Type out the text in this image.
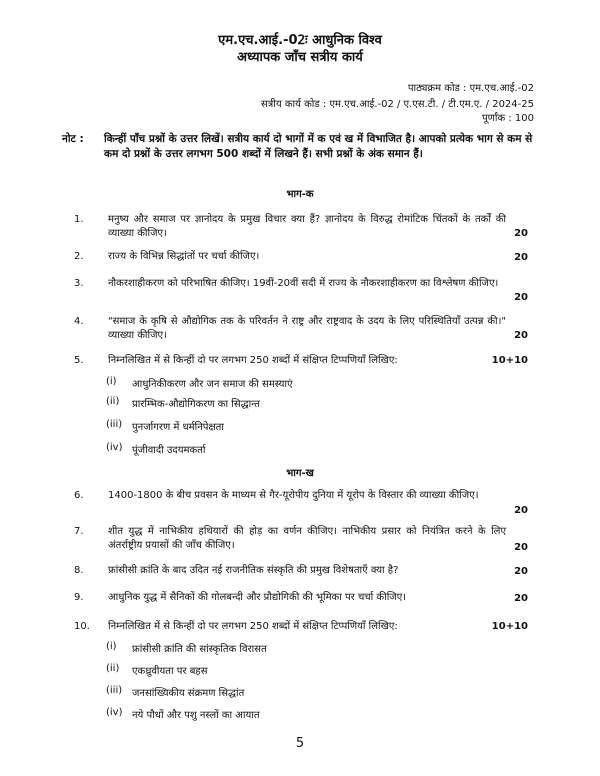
एम.एच.आई.-02ः आधुनिक विश्व
अध्यापक जाँच सत्रीय कार्य
पाठ्यक्रम कोड : एम.एच.आई.-02
सत्रीय कार्य कोड : एम.एच.आई.-02 / ए.एस.टी. / टी.एम.ए. / 2024-25
पूर्णांक : 100
नोट : किन्हीं पाँच प्रश्नों के उत्तर लिखें। सत्रीय कार्य दो भागों में क एवं ख में विभाजित है। आपको प्रत्येक भाग से कम से कम दो प्रश्नों के उत्तर लगभग 500 शब्दों में लिखने हैं। सभी प्रश्नों के अंक समान हैं।
भाग-क
1. मनुष्य और समाज पर ज्ञानोदय के प्रमुख विचार क्या हैं? ज्ञानोदय के विरुद्ध रोमांटिक चिंतकों के तर्कों की व्याख्या कीजिए।	20
2. राज्य के विभिन्न सिद्धांतों पर चर्चा कीजिए।	20
3. नौकरशाहीकरण को परिभाषित कीजिए। 19वीं-20वीं सदी में राज्य के नौकरशाहीकरण का विश्लेषण कीजिए।
20
4. "समाज के कृषि से औद्योगिक तक के परिवर्तन ने राष्ट्र और राष्ट्रवाद के उदय के लिए परिस्थितियाँ उत्पन्न की।" व्याख्या कीजिए।	20
5. निम्नलिखित में से किन्हीं दो पर लगभग 250 शब्दों में संक्षिप्त टिप्पणियाँ लिखिए:	10+10
(i) आधुनिकीकरण और जन समाज की समस्याएं
(ii) प्रारम्भिक-औद्योगिकरण का सिद्धान्त
(iii) पुनर्जागरण में धर्मनिपेक्षता
(iv) पूंजीवादी उदयमकर्ता
भाग-ख
6. 1400-1800 के बीच प्रवसन के माध्यम से गैर-यूरोपीय दुनिया में यूरोप के विस्तार की व्याख्या कीजिए।
20
7. शीत युद्ध में नाभिकीय हथियारों की होड़ का वर्णन कीजिए। नाभिकीय प्रसार को नियंत्रित करने के लिए अंतर्राष्ट्रीय प्रयासों की जाँच कीजिए।	20
8. फ्रांसीसी क्रांति के बाद उदित नई राजनीतिक संस्कृति की प्रमुख विशेषताएँ क्या है?	20
9. आधुनिक युद्ध में सैनिकों की गोलबन्दी और प्रौद्योगिकी की भूमिका पर चर्चा कीजिए।	20
10. निम्नलिखित में से किन्हीं दो पर लगभग 250 शब्दों में संक्षिप्त टिप्पणियाँ लिखिए:	10+10
(i) फ्रांसीसी क्रांति की सांस्कृतिक विरासत
(ii) एकध्रुवीयता पर बहस
(iii) जनसांख्यिकीय संक्रमण सिद्धांत
(iv) नये पौधों और पशु नस्लों का आयात
5
